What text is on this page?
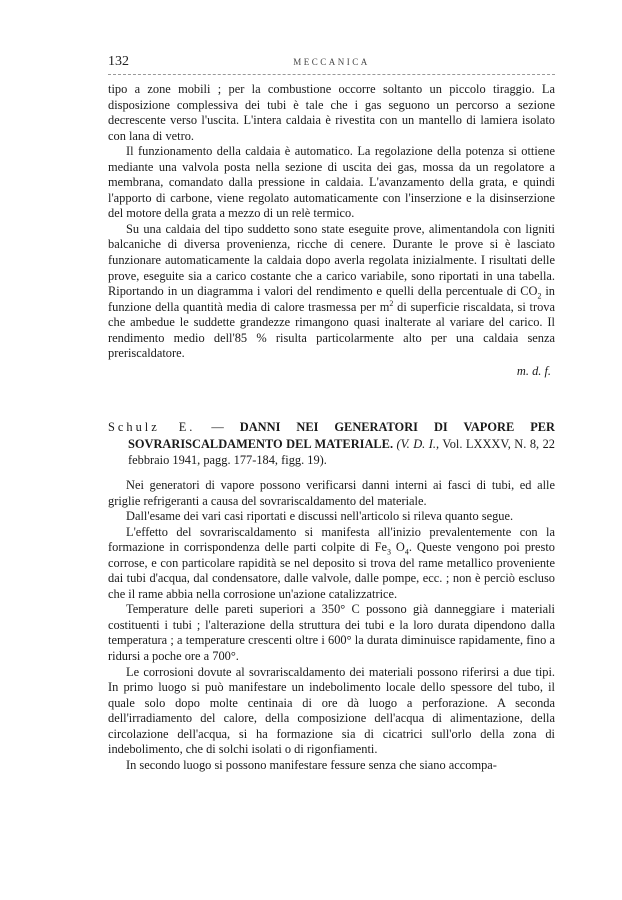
132	MECCANICA

tipo a zone mobili ; per la combustione occorre soltanto un piccolo tiraggio. La disposizione complessiva dei tubi è tale che i gas seguono un percorso a sezione decrescente verso l'uscita. L'intera caldaia è rivestita con un mantello di lamiera isolato con lana di vetro.

Il funzionamento della caldaia è automatico. La regolazione della potenza si ottiene mediante una valvola posta nella sezione di uscita dei gas, mossa da un regolatore a membrana, comandato dalla pressione in caldaia. L'avanzamento della grata, e quindi l'apporto di carbone, viene regolato automaticamente con l'inserzione e la disinserzione del motore della grata a mezzo di un relè termico.

Su una caldaia del tipo suddetto sono state eseguite prove, alimentandola con ligniti balcaniche di diversa provenienza, ricche di cenere. Durante le prove si è lasciato funzionare automaticamente la caldaia dopo averla regolata inizialmente. I risultati delle prove, eseguite sia a carico costante che a carico variabile, sono riportati in una tabella. Riportando in un diagramma i valori del rendimento e quelli della percentuale di $CO_2$ in funzione della quantità media di calore trasmessa per $m^2$ di superficie riscaldata, si trova che ambedue le suddette grandezze rimangono quasi inalterate al variare del carico. Il rendimento medio dell'85 % risulta particolarmente alto per una caldaia senza preriscaldatore.

m. d. f.

Schulz E. — DANNI NEI GENERATORI DI VAPORE PER SOVRARISCALDAMENTO DEL MATERIALE. (V. D. I., Vol. LXXXV, N. 8, 22 febbraio 1941, pagg. 177-184, figg. 19).

Nei generatori di vapore possono verificarsi danni interni ai fasci di tubi, ed alle griglie refrigeranti a causa del sovrariscaldamento del materiale.

Dall'esame dei vari casi riportati e discussi nell'articolo si rileva quanto segue.

L'effetto del sovrariscaldamento si manifesta all'inizio prevalentemente con la formazione in corrispondenza delle parti colpite di $Fe_3$ $O_4$. Queste vengono poi presto corrose, e con particolare rapidità se nel deposito si trova del rame metallico proveniente dai tubi d'acqua, dal condensatore, dalle valvole, dalle pompe, ecc. ; non è perciò escluso che il rame abbia nella corrosione un'azione catalizzatrice.

Temperature delle pareti superiori a 350° C possono già danneggiare i materiali costituenti i tubi ; l'alterazione della struttura dei tubi e la loro durata dipendono dalla temperatura ; a temperature crescenti oltre i 600° la durata diminuisce rapidamente, fino a ridursi a poche ore a 700°.

Le corrosioni dovute al sovrariscaldamento dei materiali possono riferirsi a due tipi. In primo luogo si può manifestare un indebolimento locale dello spessore del tubo, il quale solo dopo molte centinaia di ore dà luogo a perforazione. A seconda dell'irradiamento del calore, della composizione dell'acqua di alimentazione, della circolazione dell'acqua, si ha formazione sia di cicatrici sull'orlo della zona di indebolimento, che di solchi isolati o di rigonfiamenti.

In secondo luogo si possono manifestare fessure senza che siano accompa-
